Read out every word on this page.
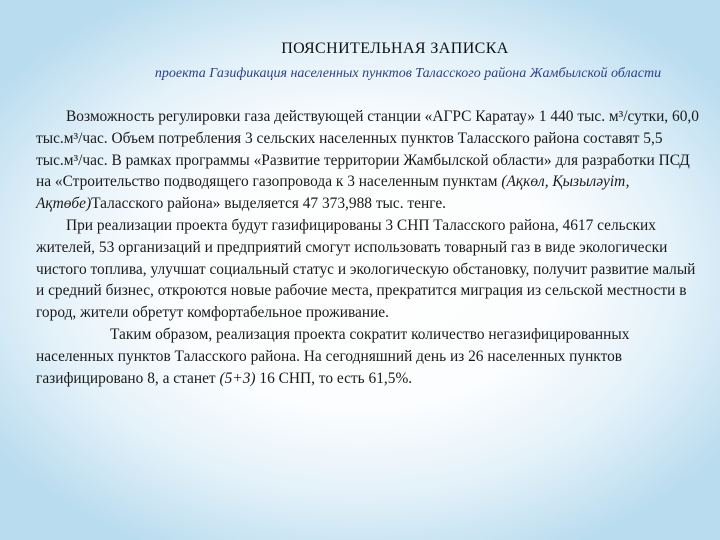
ПОЯСНИТЕЛЬНАЯ ЗАПИСКА
проекта Газификация населенных пунктов Таласского района Жамбылской области

Возможность регулировки газа действующей станции «АГРС Каратау» 1 440 тыс. м³/сутки, 60,0 тыс.м³/час. Объем потребления 3 сельских населенных пунктов Таласского района составят 5,5 тыс.м³/час. В рамках программы «Развитие территории Жамбылской области» для разработки ПСД на «Строительство подводящего газопровода к 3 населенным пунктам (Ақкөл, Қызыләуіт, Ақтөбе)Таласского района» выделяется 47 373,988 тыс. тенге.

При реализации проекта будут газифицированы 3 СНП Таласского района, 4617 сельских жителей, 53 организаций и предприятий смогут использовать товарный газ в виде экологически чистого топлива, улучшат социальный статус и экологическую обстановку, получит развитие малый и средний бизнес, откроются новые рабочие места, прекратится миграция из сельской местности в город, жители обретут комфортабельное проживание.

Таким образом, реализация проекта сократит количество негазифицированных населенных пунктов Таласского района. На сегодняшний день из 26 населенных пунктов газифицировано 8, а станет (5+3) 16 СНП, то есть 61,5%.
